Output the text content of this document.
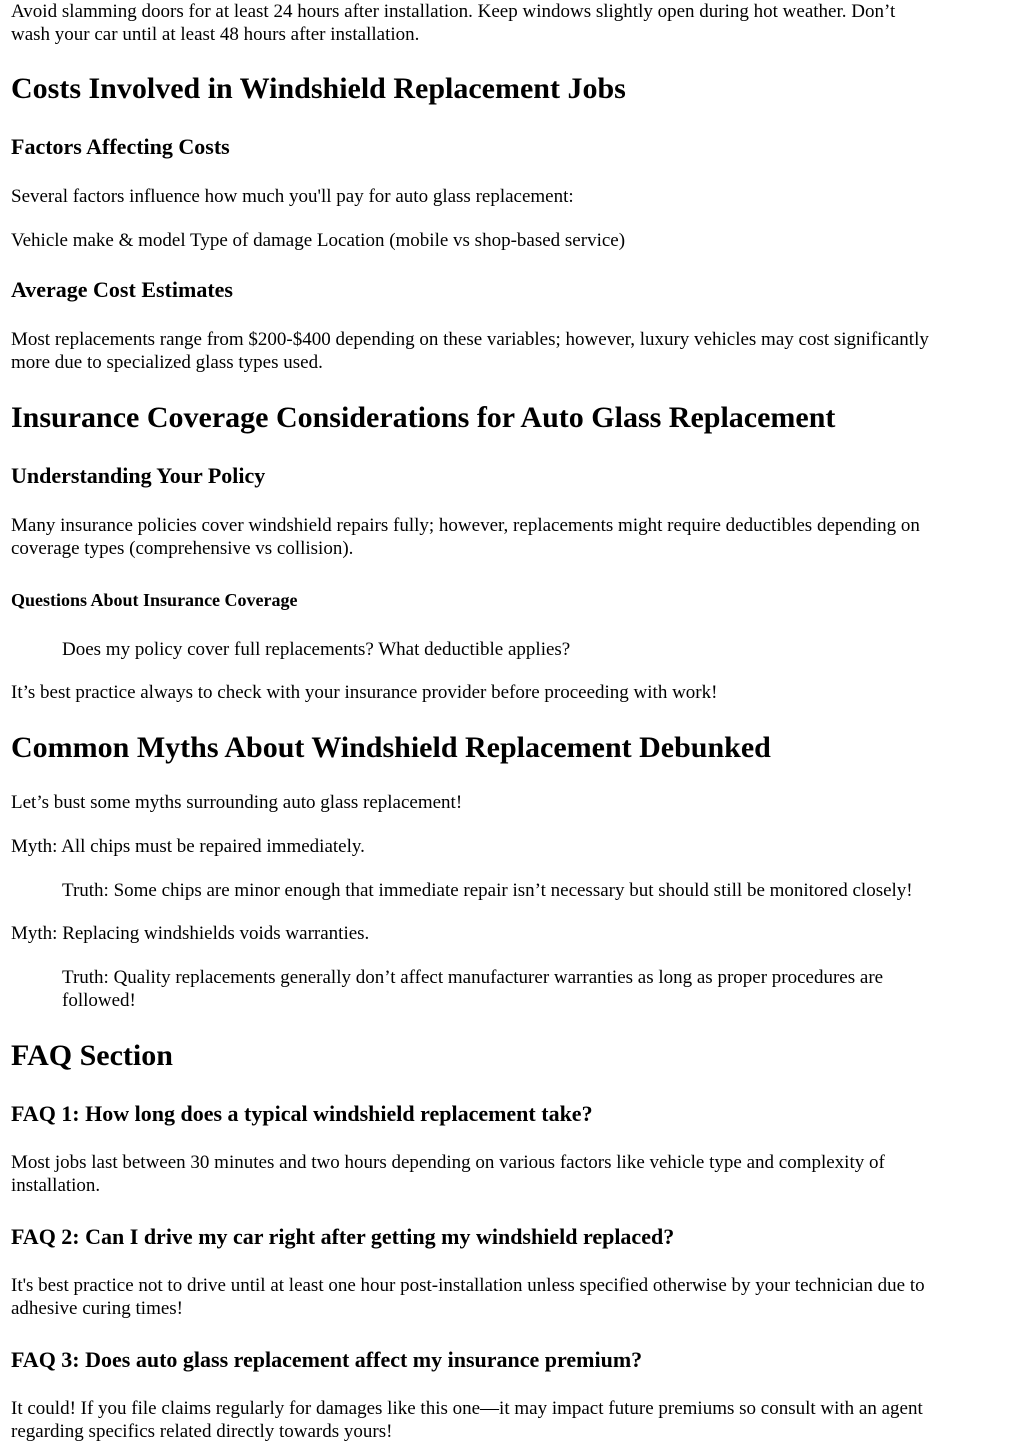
Avoid slamming doors for at least 24 hours after installation. Keep windows slightly open during hot weather. Don’t

wash your car until at least 48 hours after installation.

Costs Involved in Windshield Replacement Jobs
Factors Affecting Costs

Several factors influence how much you'll pay for auto glass replacement:

Vehicle make & model Type of damage Location (mobile vs shop-based service)

Average Cost Estimates

Most replacements range from $200-$400 depending on these variables; however, luxury vehicles may cost significantly

more due to specialized glass types used.

Insurance Coverage Considerations for Auto Glass Replacement
Understanding Your Policy

Many insurance policies cover windshield repairs fully; however, replacements might require deductibles depending on

coverage types (comprehensive vs collision).

Questions About Insurance Coverage

Does my policy cover full replacements? What deductible applies?

It’s best practice always to check with your insurance provider before proceeding with work!

Common Myths About Windshield Replacement Debunked

Let’s bust some myths surrounding auto glass replacement!

Myth: All chips must be repaired immediately.

Truth: Some chips are minor enough that immediate repair isn’t necessary but should still be monitored closely!

Myth: Replacing windshields voids warranties.

Truth: Quality replacements generally don’t affect manufacturer warranties as long as proper procedures are

followed!

FAQ Section
FAQ 1: How long does a typical windshield replacement take?

Most jobs last between 30 minutes and two hours depending on various factors like vehicle type and complexity of

installation.

FAQ 2: Can I drive my car right after getting my windshield replaced?

It's best practice not to drive until at least one hour post-installation unless specified otherwise by your technician due to

adhesive curing times!

FAQ 3: Does auto glass replacement affect my insurance premium?

It could! If you file claims regularly for damages like this one—it may impact future premiums so consult with an agent

regarding specifics related directly towards yours!
